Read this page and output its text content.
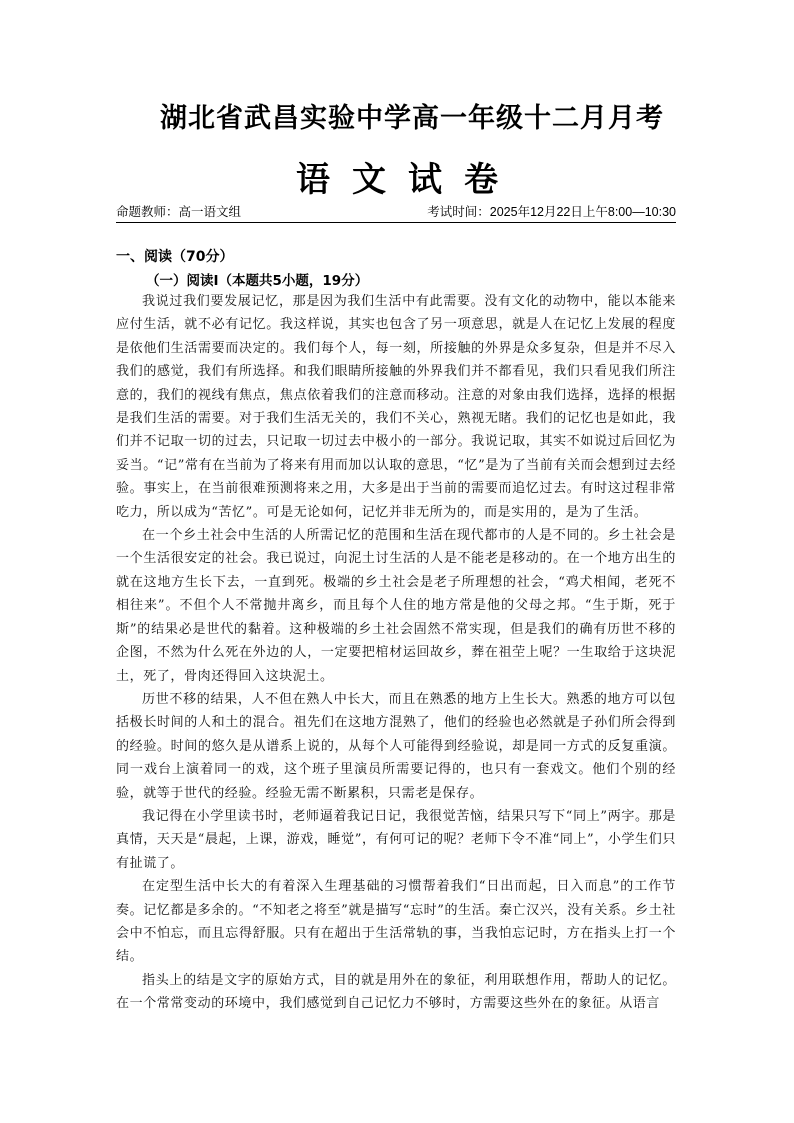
湖北省武昌实验中学高一年级十二月月考
语文试卷
命题教师：高一语文组	考试时间：2025年12月22日上午8:00—10:30
一、阅读（70分）
（一）阅读Ⅰ（本题共5小题，19分）

我说过我们要发展记忆，那是因为我们生活中有此需要。没有文化的动物中，能以本能来应付生活，就不必有记忆。我这样说，其实也包含了另一项意思，就是人在记忆上发展的程度是依他们生活需要而决定的。我们每个人，每一刻，所接触的外界是众多复杂，但是并不尽入我们的感觉，我们有所选择。和我们眼睛所接触的外界我们并不都看见，我们只看见我们所注意的，我们的视线有焦点，焦点依着我们的注意而移动。注意的对象由我们选择，选择的根据是我们生活的需要。对于我们生活无关的，我们不关心，熟视无睹。我们的记忆也是如此，我们并不记取一切的过去，只记取一切过去中极小的一部分。我说记取，其实不如说过后回忆为妥当。“记”常有在当前为了将来有用而加以认取的意思，“忆”是为了当前有关而会想到过去经验。事实上，在当前很难预测将来之用，大多是出于当前的需要而追忆过去。有时这过程非常吃力，所以成为“苦忆”。可是无论如何，记忆并非无所为的，而是实用的，是为了生活。

在一个乡土社会中生活的人所需记忆的范围和生活在现代都市的人是不同的。乡土社会是一个生活很安定的社会。我已说过，向泥土讨生活的人是不能老是移动的。在一个地方出生的就在这地方生长下去，一直到死。极端的乡土社会是老子所理想的社会，“鸡犬相闻，老死不相往来”。不但个人不常抛井离乡，而且每个人住的地方常是他的父母之邦。“生于斯，死于斯”的结果必是世代的黏着。这种极端的乡土社会固然不常实现，但是我们的确有历世不移的企图，不然为什么死在外边的人，一定要把棺材运回故乡，葬在祖茔上呢？一生取给于这块泥土，死了，骨肉还得回入这块泥土。

历世不移的结果，人不但在熟人中长大，而且在熟悉的地方上生长大。熟悉的地方可以包括极长时间的人和土的混合。祖先们在这地方混熟了，他们的经验也必然就是子孙们所会得到的经验。时间的悠久是从谱系上说的，从每个人可能得到经验说，却是同一方式的反复重演。同一戏台上演着同一的戏，这个班子里演员所需要记得的，也只有一套戏文。他们个别的经验，就等于世代的经验。经验无需不断累积，只需老是保存。

我记得在小学里读书时，老师逼着我记日记，我很觉苦恼，结果只写下“同上”两字。那是真情，天天是“晨起，上课，游戏，睡觉”，有何可记的呢？老师下令不准“同上”，小学生们只有扯谎了。

在定型生活中长大的有着深入生理基础的习惯帮着我们“日出而起，日入而息”的工作节奏。记忆都是多余的。“不知老之将至”就是描写“忘时”的生活。秦亡汉兴，没有关系。乡土社会中不怕忘，而且忘得舒服。只有在超出于生活常轨的事，当我怕忘记时，方在指头上打一个结。

指头上的结是文字的原始方式，目的就是用外在的象征，利用联想作用，帮助人的记忆。在一个常常变动的环境中，我们感觉到自己记忆力不够时，方需要这些外在的象征。从语言
